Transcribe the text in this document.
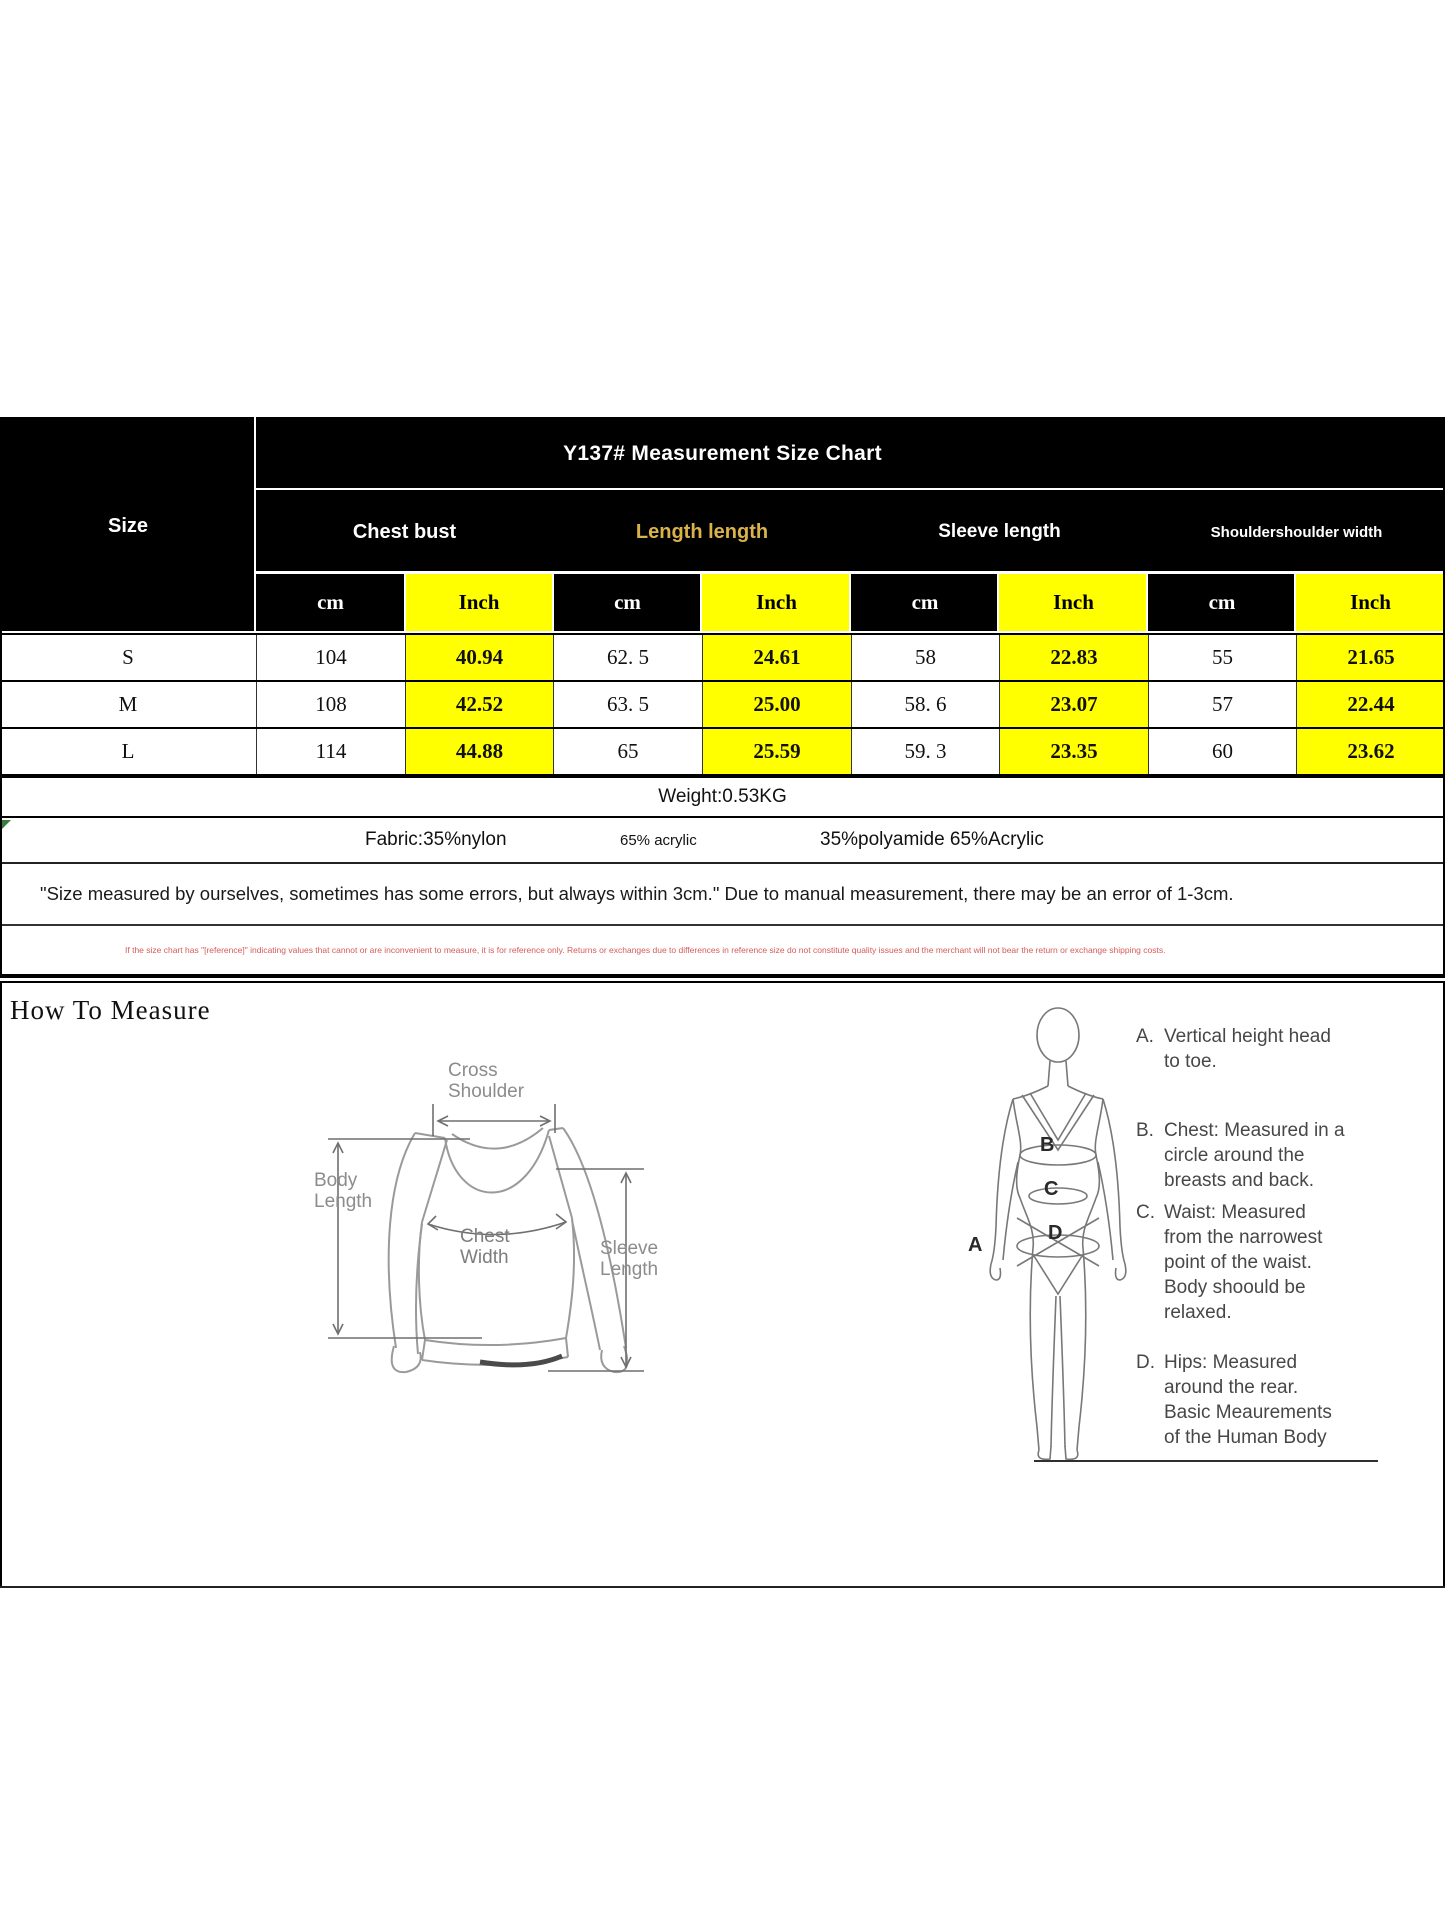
Y137# Measurement Size Chart
Size	Chest bust	Length length	Sleeve length	Shouldershoulder width
cm	Inch	cm	Inch	cm	Inch	cm	Inch
S	104	40.94	62. 5	24.61	58	22.83	55	21.65
M	108	42.52	63. 5	25.00	58. 6	23.07	57	22.44
L	114	44.88	65	25.59	59. 3	23.35	60	23.62
Weight:0.53KG
Fabric:35%nylon	65% acrylic	35%polyamide 65%Acrylic
"Size measured by ourselves, sometimes has some errors, but always within 3cm." Due to manual measurement, there may be an error of 1-3cm.
If the size chart has "[reference]" indicating values that cannot or are inconvenient to measure, it is for reference only. Returns or exchanges due to differences in reference size do not constitute quality issues and the merchant will not bear the return or exchange shipping costs.
How To Measure
Cross
Shoulder
Body
Length
Chest
Width	Sleeve
Length
A
B
C
D
A. Vertical height head
to toe.
B. Chest: Measured in a
circle around the
breasts and back.
C. Waist: Measured
from the narrowest
point of the waist.
Body shoould be
relaxed.
D. Hips: Measured
around the rear.
Basic Meaurements
of the Human Body
